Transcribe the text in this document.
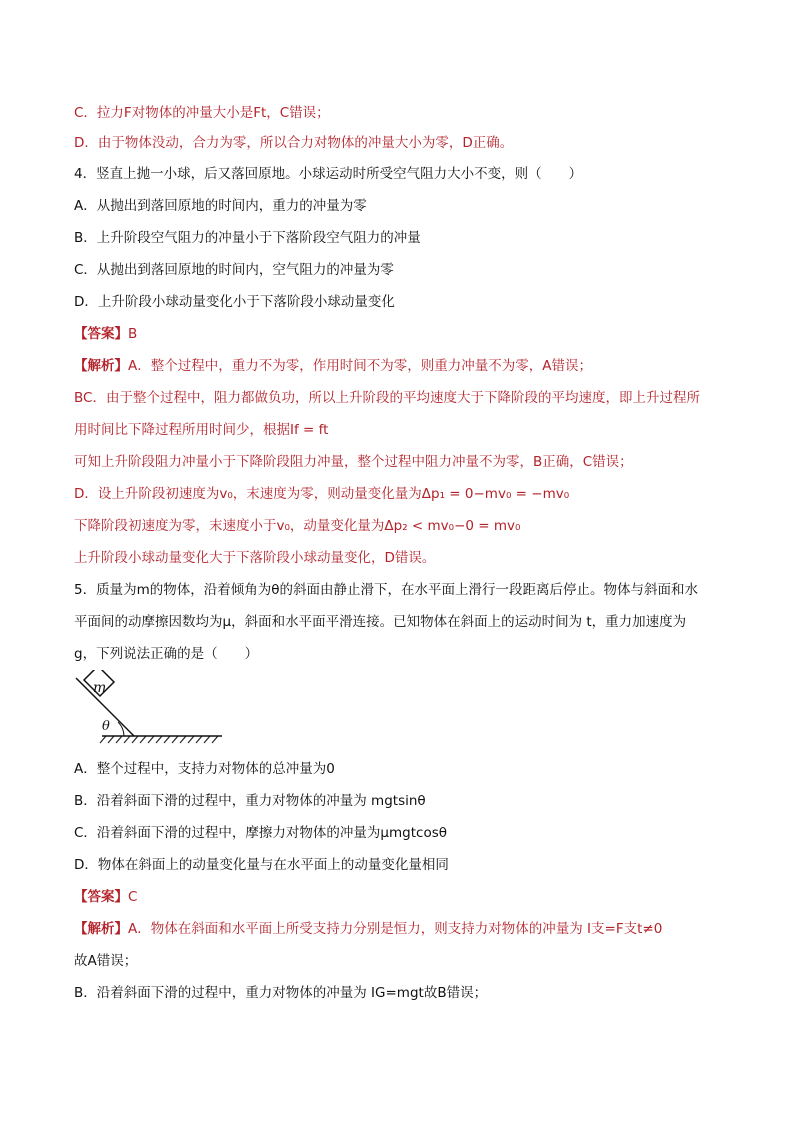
C．拉力F对物体的冲量大小是Ft，C错误；
D．由于物体没动，合力为零，所以合力对物体的冲量大小为零，D正确。
4．竖直上抛一小球，后又落回原地。小球运动时所受空气阻力大小不变，则（　　）
A．从抛出到落回原地的时间内，重力的冲量为零
B．上升阶段空气阻力的冲量小于下落阶段空气阻力的冲量
C．从抛出到落回原地的时间内，空气阻力的冲量为零
D．上升阶段小球动量变化小于下落阶段小球动量变化
【答案】B
【解析】A．整个过程中，重力不为零，作用时间不为零，则重力冲量不为零，A错误；
BC．由于整个过程中，阻力都做负功，所以上升阶段的平均速度大于下降阶段的平均速度，即上升过程所
用时间比下降过程所用时间少，根据If = ft
可知上升阶段阻力冲量小于下降阶段阻力冲量，整个过程中阻力冲量不为零，B正确，C错误；
D．设上升阶段初速度为v₀，末速度为零，则动量变化量为Δp₁ = 0−mv₀ = −mv₀
下降阶段初速度为零，末速度小于v₀，动量变化量为Δp₂ < mv₀−0 = mv₀
上升阶段小球动量变化大于下落阶段小球动量变化，D错误。
5．质量为m的物体，沿着倾角为θ的斜面由静止滑下，在水平面上滑行一段距离后停止。物体与斜面和水
平面间的动摩擦因数均为μ，斜面和水平面平滑连接。已知物体在斜面上的运动时间为 t，重力加速度为
g，下列说法正确的是（　　）
m
θ
A．整个过程中，支持力对物体的总冲量为0
B．沿着斜面下滑的过程中，重力对物体的冲量为 mgtsinθ
C．沿着斜面下滑的过程中，摩擦力对物体的冲量为μmgtcosθ
D．物体在斜面上的动量变化量与在水平面上的动量变化量相同
【答案】C
【解析】A．物体在斜面和水平面上所受支持力分别是恒力，则支持力对物体的冲量为 I支=F支t≠0
故A错误；
B．沿着斜面下滑的过程中，重力对物体的冲量为 IG=mgt故B错误；
